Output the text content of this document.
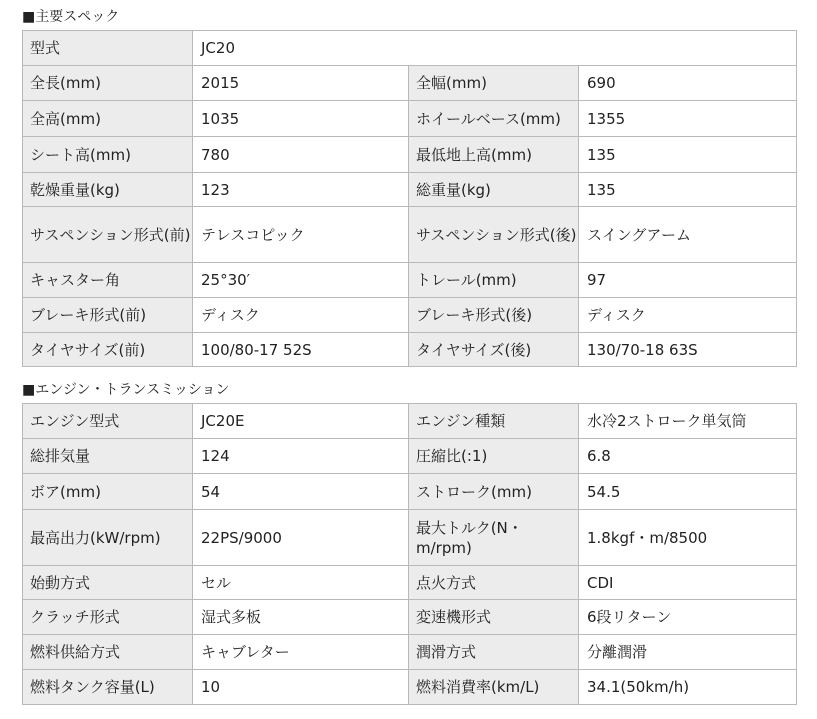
■主要スペック
型式	JC20		
全長(mm)	2015	全幅(mm)	690
全高(mm)	1035	ホイールベース(mm)	1355
シート高(mm)	780	最低地上高(mm)	135
乾燥重量(kg)	123	総重量(kg)	135
サスペンション形式(前)	テレスコピック	サスペンション形式(後)	スイングアーム
キャスター角	25°30′	トレール(mm)	97
ブレーキ形式(前)	ディスク	ブレーキ形式(後)	ディスク
タイヤサイズ(前)	100/80-17 52S	タイヤサイズ(後)	130/70-18 63S
■エンジン・トランスミッション
エンジン型式	JC20E	エンジン種類	水冷2ストローク単気筒
総排気量	124	圧縮比(:1)	6.8
ボア(mm)	54	ストローク(mm)	54.5
最高出力(kW/rpm)	22PS/9000	最大トルク(N・m/rpm)	1.8kgf・m/8500
始動方式	セル	点火方式	CDI
クラッチ形式	湿式多板	変速機形式	6段リターン
燃料供給方式	キャブレター	潤滑方式	分離潤滑
燃料タンク容量(L)	10	燃料消費率(km/L)	34.1(50km/h)
